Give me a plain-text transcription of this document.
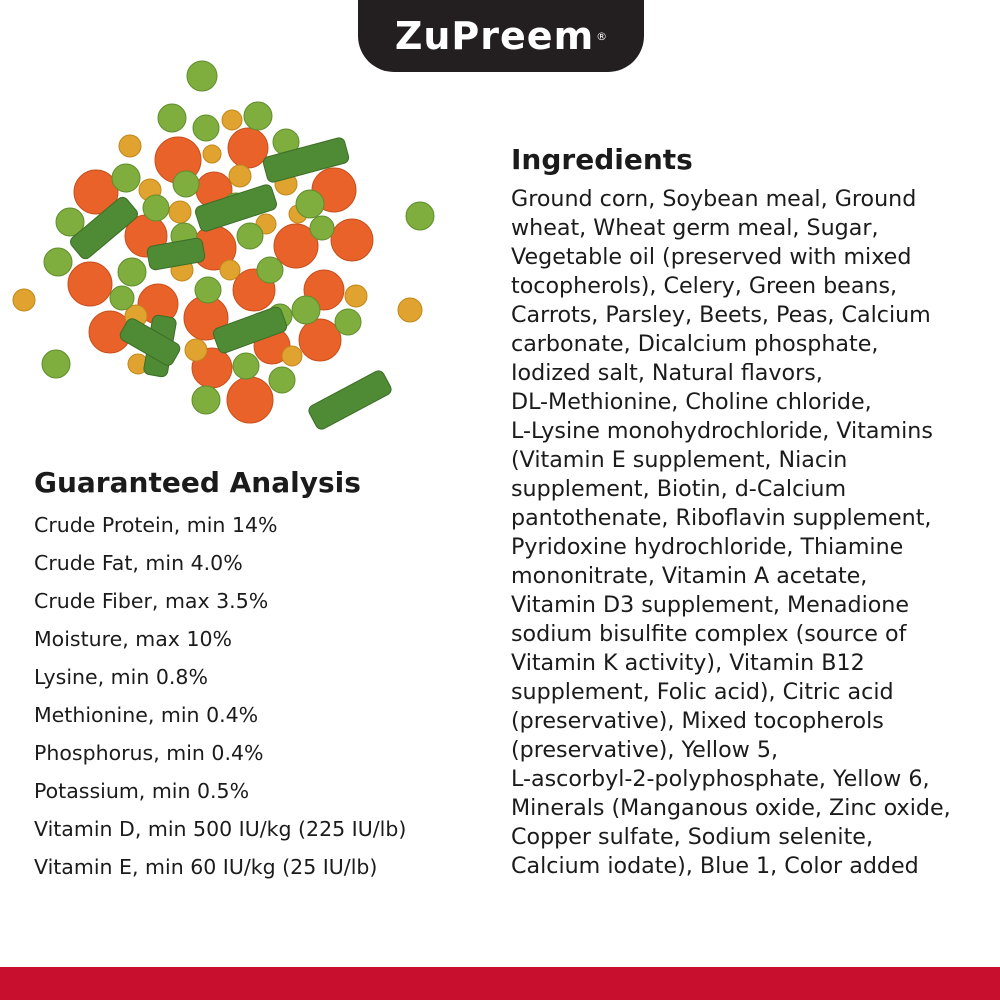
ZuPreem ®
Guaranteed Analysis
Crude Protein, min 14%
Crude Fat, min 4.0%
Crude Fiber, max 3.5%
Moisture, max 10%
Lysine, min 0.8%
Methionine, min 0.4%
Phosphorus, min 0.4%
Potassium, min 0.5%
Vitamin D, min 500 IU/kg (225 IU/lb)
Vitamin E, min 60 IU/kg (25 IU/lb)
Ingredients

Ground corn, Soybean meal, Ground
wheat, Wheat germ meal, Sugar,
Vegetable oil (preserved with mixed
tocopherols), Celery, Green beans,
Carrots, Parsley, Beets, Peas, Calcium
carbonate, Dicalcium phosphate,
Iodized salt, Natural flavors,
DL-Methionine, Choline chloride,
L-Lysine monohydrochloride, Vitamins
(Vitamin E supplement, Niacin
supplement, Biotin, d-Calcium
pantothenate, Riboflavin supplement,
Pyridoxine hydrochloride, Thiamine
mononitrate, Vitamin A acetate,
Vitamin D3 supplement, Menadione
sodium bisulfite complex (source of
Vitamin K activity), Vitamin B12
supplement, Folic acid), Citric acid
(preservative), Mixed tocopherols
(preservative), Yellow 5,
L-ascorbyl-2-polyphosphate, Yellow 6,
Minerals (Manganous oxide, Zinc oxide,
Copper sulfate, Sodium selenite,
Calcium iodate), Blue 1, Color added
